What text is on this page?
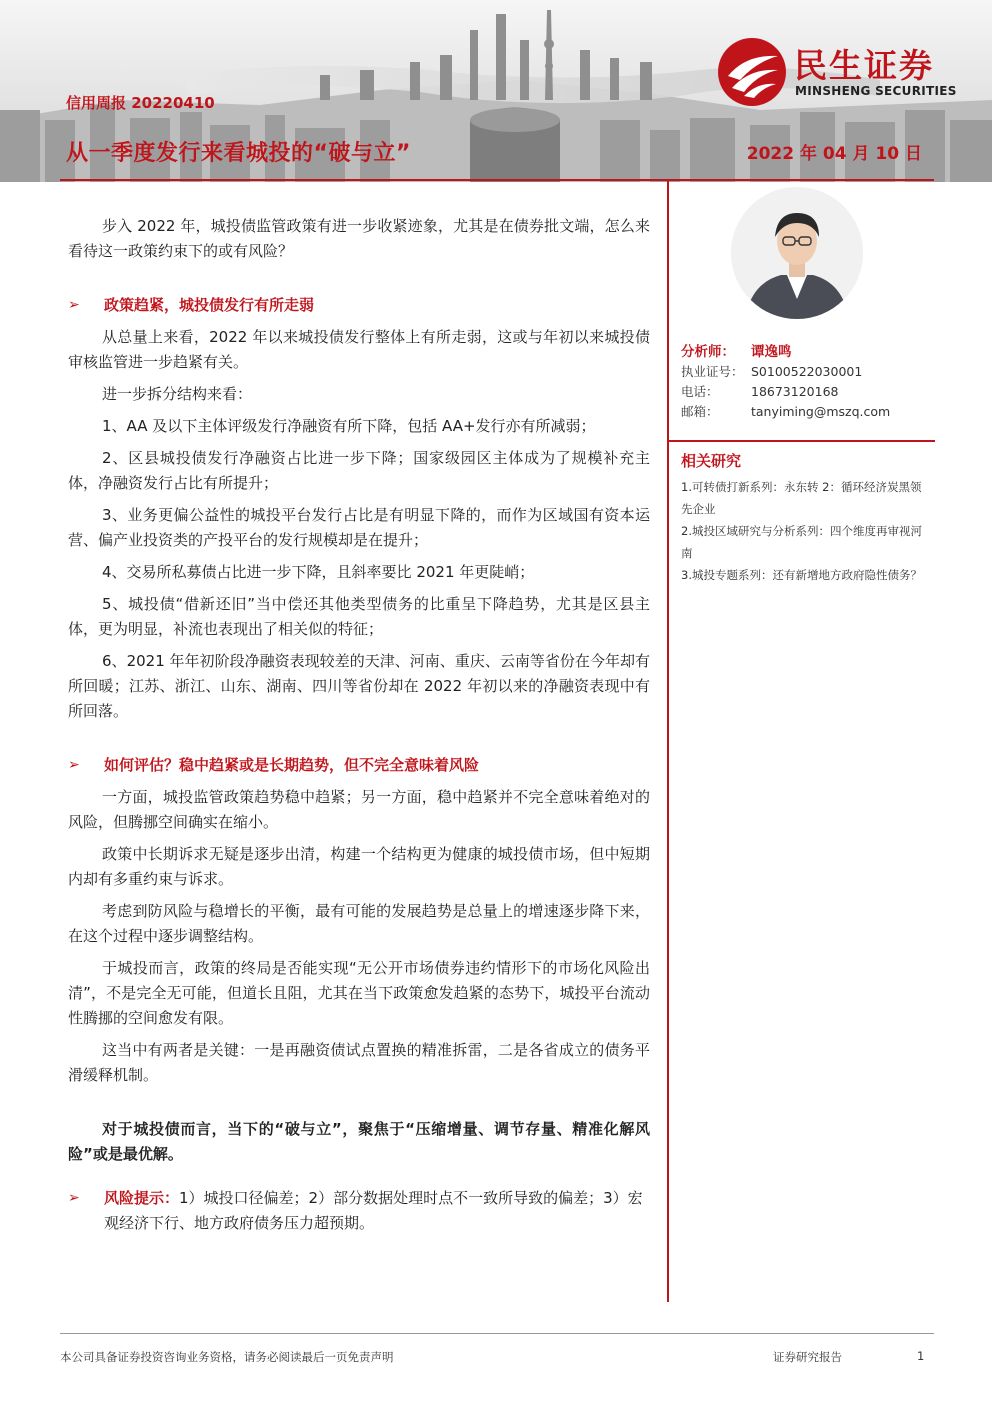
民生证券
MINSHENG SECURITIES
信用周报 20220410
从一季度发行来看城投的“破与立”	2022 年 04 月 10 日

步入 2022 年，城投债监管政策有进一步收紧迹象，尤其是在债券批文端，怎么来看待这一政策约束下的或有风险？

➢ 政策趋紧，城投债发行有所走弱

从总量上来看，2022 年以来城投债发行整体上有所走弱，这或与年初以来城投债审核监管进一步趋紧有关。

进一步拆分结构来看：

1、AA 及以下主体评级发行净融资有所下降，包括 AA+发行亦有所减弱；

2、区县城投债发行净融资占比进一步下降；国家级园区主体成为了规模补充主体，净融资发行占比有所提升；

3、业务更偏公益性的城投平台发行占比是有明显下降的，而作为区域国有资本运营、偏产业投资类的产投平台的发行规模却是在提升；

4、交易所私募债占比进一步下降，且斜率要比 2021 年更陡峭；

5、城投债“借新还旧”当中偿还其他类型债务的比重呈下降趋势，尤其是区县主体，更为明显，补流也表现出了相关似的特征；

6、2021 年年初阶段净融资表现较差的天津、河南、重庆、云南等省份在今年却有所回暖；江苏、浙江、山东、湖南、四川等省份却在 2022 年初以来的净融资表现中有所回落。

➢ 如何评估？稳中趋紧或是长期趋势，但不完全意味着风险

一方面，城投监管政策趋势稳中趋紧；另一方面，稳中趋紧并不完全意味着绝对的风险，但腾挪空间确实在缩小。

政策中长期诉求无疑是逐步出清，构建一个结构更为健康的城投债市场，但中短期内却有多重约束与诉求。

考虑到防风险与稳增长的平衡，最有可能的发展趋势是总量上的增速逐步降下来，在这个过程中逐步调整结构。

于城投而言，政策的终局是否能实现“无公开市场债券违约情形下的市场化风险出清”，不是完全无可能，但道长且阻，尤其在当下政策愈发趋紧的态势下，城投平台流动性腾挪的空间愈发有限。

这当中有两者是关键：一是再融资债试点置换的精准拆雷，二是各省成立的债务平滑缓释机制。

对于城投债而言，当下的“破与立”，聚焦于“压缩增量、调节存量、精准化解风险”或是最优解。

➢ 风险提示：1）城投口径偏差；2）部分数据处理时点不一致所导致的偏差；3）宏观经济下行、地方政府债务压力超预期。
分析师：	谭逸鸣
执业证号： S0100522030001
电话：	18673120168
邮箱：	tanyiming@mszq.com
相关研究
1.可转债打新系列：永东转 2：循环经济炭黑领先企业
2.城投区域研究与分析系列：四个维度再审视河南
3.城投专题系列：还有新增地方政府隐性债务？
本公司具备证券投资咨询业务资格，请务必阅读最后一页免责声明	证券研究报告	1
